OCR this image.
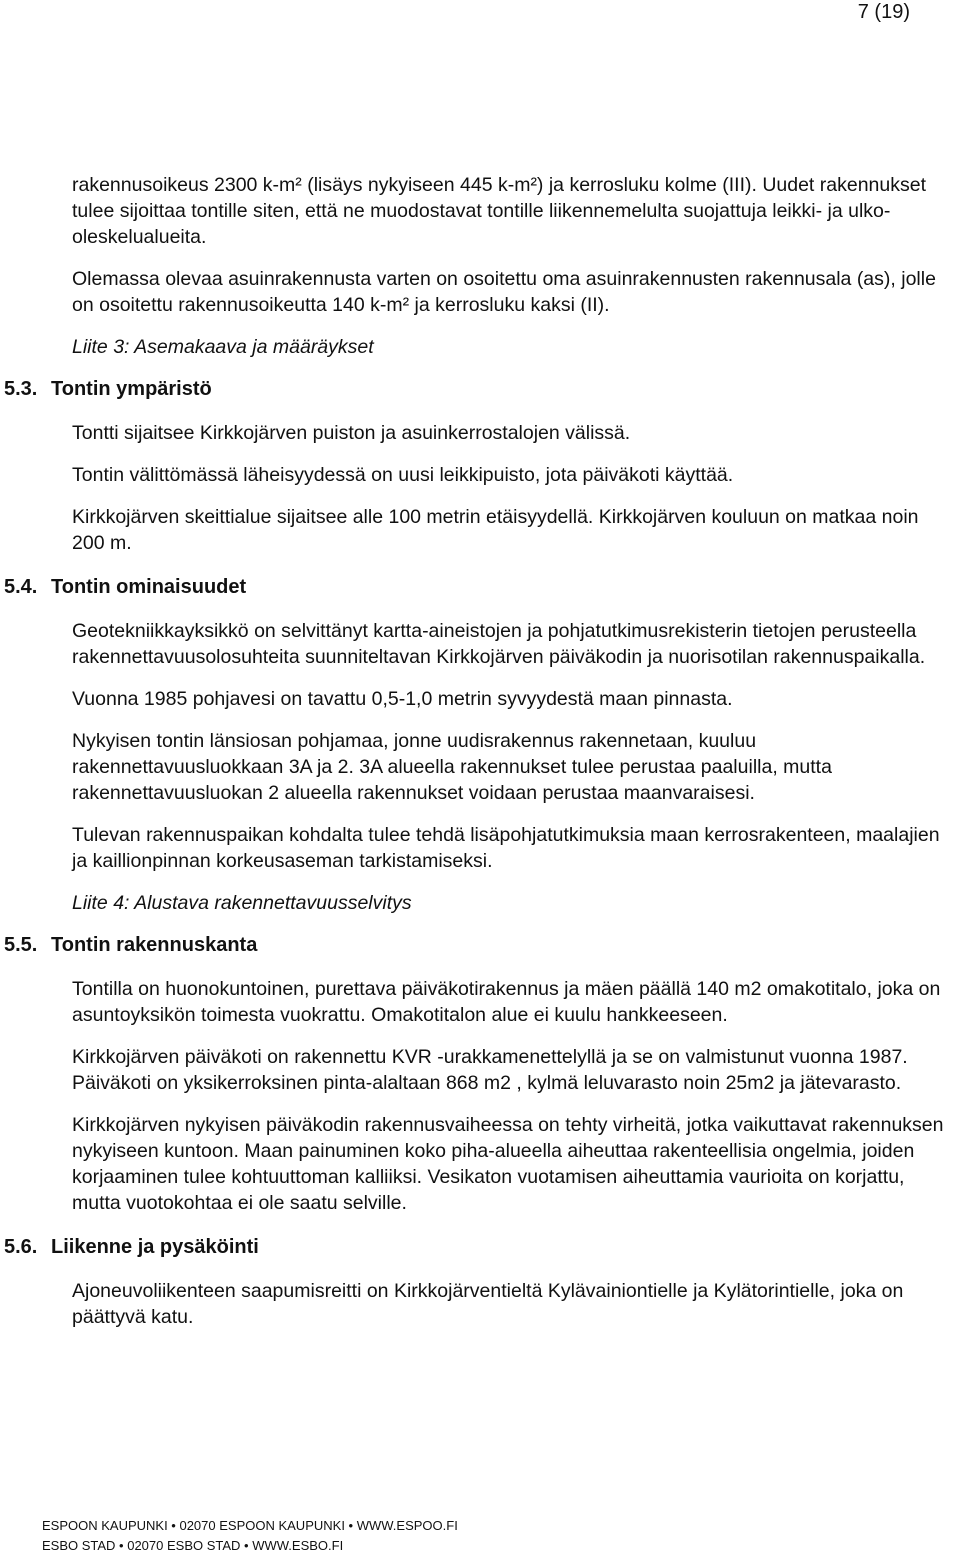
7 (19)

rakennusoikeus 2300 k-m² (lisäys nykyiseen 445 k-m²) ja kerrosluku kolme (III). Uudet rakennukset tulee sijoittaa tontille siten, että ne muodostavat tontille liikennemelulta suojattuja leikki- ja ulko-oleskelualueita.

Olemassa olevaa asuinrakennusta varten on osoitettu oma asuinrakennusten rakennusala (as), jolle on osoitettu rakennusoikeutta 140 k-m² ja kerrosluku kaksi (II).

Liite 3: Asemakaava ja määräykset

5.3. Tontin ympäristö

Tontti sijaitsee Kirkkojärven puiston ja asuinkerrostalojen välissä.

Tontin välittömässä läheisyydessä on uusi leikkipuisto, jota päiväkoti käyttää.

Kirkkojärven skeittialue sijaitsee alle 100 metrin etäisyydellä. Kirkkojärven kouluun on matkaa noin 200 m.

5.4. Tontin ominaisuudet

Geotekniikkayksikkö on selvittänyt kartta-aineistojen ja pohjatutkimusrekisterin tietojen perusteella rakennettavuusolosuhteita suunniteltavan Kirkkojärven päiväkodin ja nuorisotilan rakennuspaikalla.

Vuonna 1985 pohjavesi on tavattu 0,5-1,0 metrin syvyydestä maan pinnasta.

Nykyisen tontin länsiosan pohjamaa, jonne uudisrakennus rakennetaan, kuuluu rakennettavuusluokkaan 3A ja 2. 3A alueella rakennukset tulee perustaa paaluilla, mutta rakennettavuusluokan 2 alueella rakennukset voidaan perustaa maanvaraisesi.

Tulevan rakennuspaikan kohdalta tulee tehdä lisäpohjatutkimuksia maan kerrosrakenteen, maalajien ja kaillionpinnan korkeusaseman tarkistamiseksi.

Liite 4: Alustava rakennettavuusselvitys

5.5. Tontin rakennuskanta

Tontilla on huonokuntoinen, purettava päiväkotirakennus ja mäen päällä 140 m2 omakotitalo, joka on asuntoyksikön toimesta vuokrattu. Omakotitalon alue ei kuulu hankkeeseen.

Kirkkojärven päiväkoti on rakennettu KVR -urakkamenettelyllä ja se on valmistunut vuonna 1987. Päiväkoti on yksikerroksinen pinta-alaltaan 868 m2 , kylmä leluvarasto noin 25m2 ja jätevarasto.

Kirkkojärven nykyisen päiväkodin rakennusvaiheessa on tehty virheitä, jotka vaikuttavat rakennuksen nykyiseen kuntoon. Maan painuminen koko piha-alueella aiheuttaa rakenteellisia ongelmia, joiden korjaaminen tulee kohtuuttoman kalliiksi. Vesikaton vuotamisen aiheuttamia vaurioita on korjattu, mutta vuotokohtaa ei ole saatu selville.

5.6. Liikenne ja pysäköinti

Ajoneuvoliikenteen saapumisreitti on Kirkkojärventieltä Kylävainiontielle ja Kylätorintielle, joka on päättyvä katu.

ESPOON KAUPUNKI • 02070 ESPOON KAUPUNKI • WWW.ESPOO.FI
ESBO STAD • 02070 ESBO STAD • WWW.ESBO.FI
